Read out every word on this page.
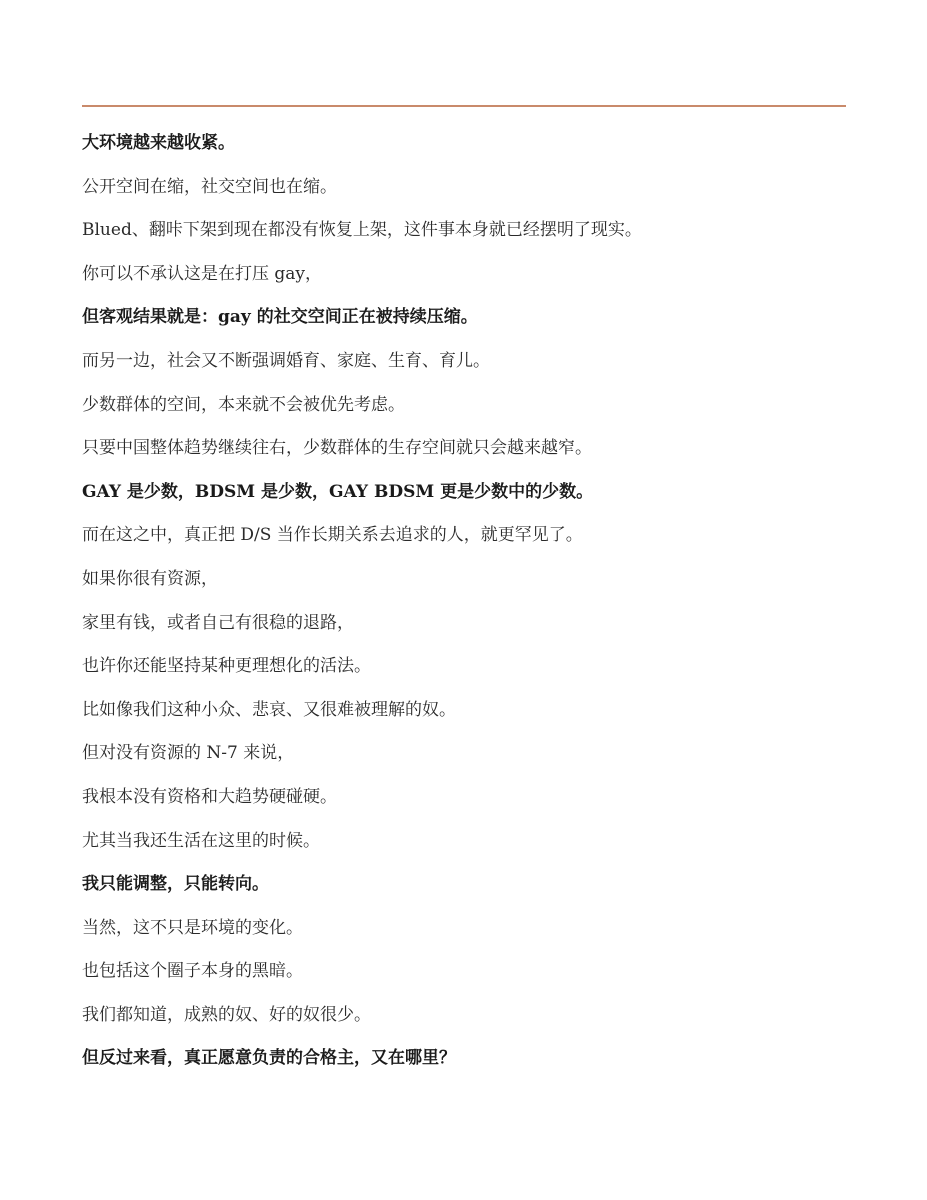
大环境越来越收紧。

公开空间在缩，社交空间也在缩。

Blued、翻咔下架到现在都没有恢复上架，这件事本身就已经摆明了现实。

你可以不承认这是在打压 gay，

但客观结果就是：gay 的社交空间正在被持续压缩。

而另一边，社会又不断强调婚育、家庭、生育、育儿。

少数群体的空间，本来就不会被优先考虑。

只要中国整体趋势继续往右，少数群体的生存空间就只会越来越窄。

GAY 是少数，BDSM 是少数，GAY BDSM 更是少数中的少数。

而在这之中，真正把 D/S 当作长期关系去追求的人，就更罕见了。

如果你很有资源，

家里有钱，或者自己有很稳的退路，

也许你还能坚持某种更理想化的活法。

比如像我们这种小众、悲哀、又很难被理解的奴。

但对没有资源的 N-7 来说，

我根本没有资格和大趋势硬碰硬。

尤其当我还生活在这里的时候。

我只能调整，只能转向。

当然，这不只是环境的变化。

也包括这个圈子本身的黑暗。

我们都知道，成熟的奴、好的奴很少。

但反过来看，真正愿意负责的合格主，又在哪里？
